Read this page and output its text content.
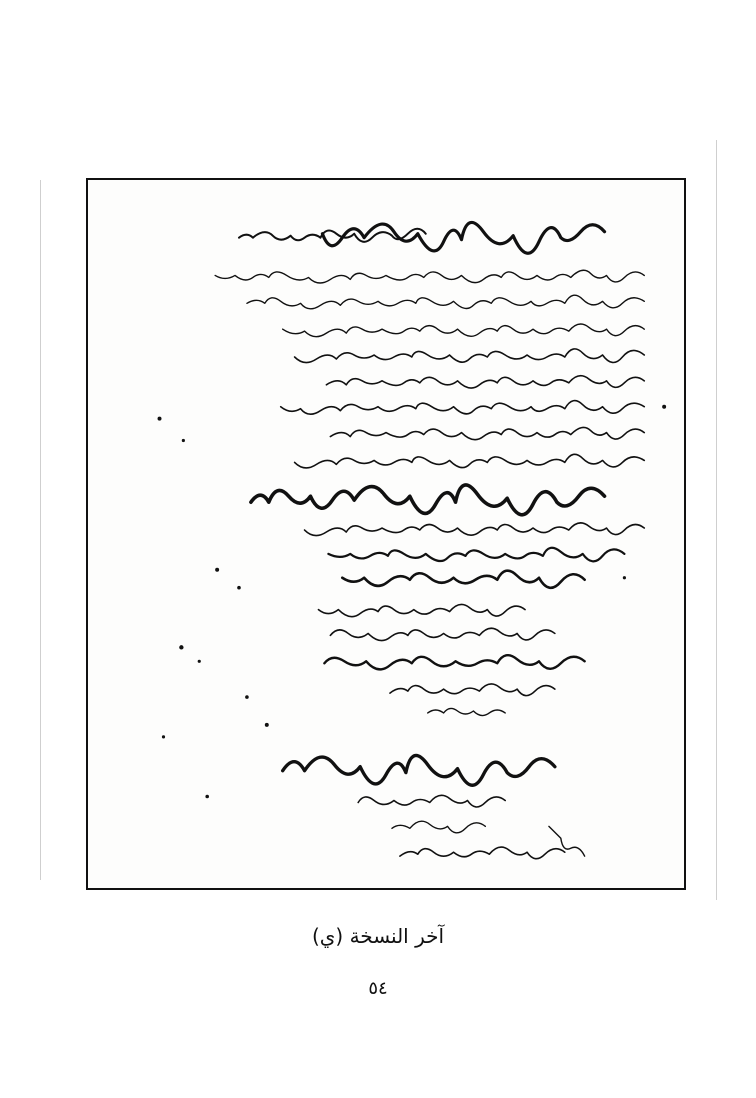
آخر النسخة (ي)
٥٤
